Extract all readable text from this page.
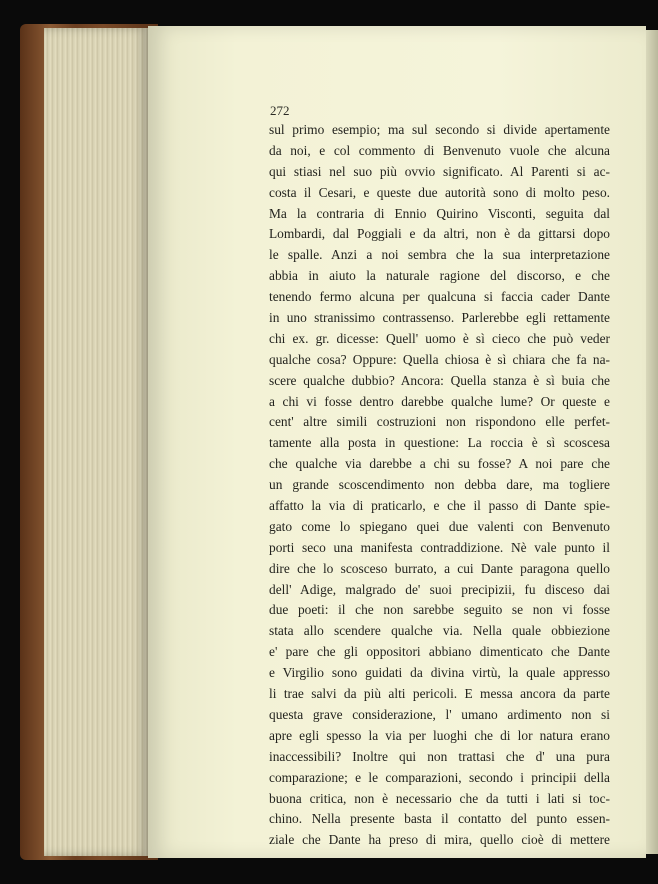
272
sul primo esempio; ma sul secondo si divide apertamente
da noi, e col commento di Benvenuto vuole che alcuna
qui stiasi nel suo più ovvio significato. Al Parenti si ac-
costa il Cesari, e queste due autorità sono di molto peso.
Ma la contraria di Ennio Quirino Visconti, seguita dal
Lombardi, dal Poggiali e da altri, non è da gittarsi dopo
le spalle. Anzi a noi sembra che la sua interpretazione
abbia in aiuto la naturale ragione del discorso, e che
tenendo fermo alcuna per qualcuna si faccia cader Dante
in uno stranissimo contrassenso. Parlerebbe egli rettamente
chi ex. gr. dicesse: Quell' uomo è sì cieco che può veder
qualche cosa? Oppure: Quella chiosa è sì chiara che fa na-
scere qualche dubbio? Ancora: Quella stanza è sì buia che
a chi vi fosse dentro darebbe qualche lume? Or queste e
cent' altre simili costruzioni non rispondono elle perfet-
tamente alla posta in questione: La roccia è sì scoscesa
che qualche via darebbe a chi su fosse? A noi pare che
un grande scoscendimento non debba dare, ma togliere
affatto la via di praticarlo, e che il passo di Dante spie-
gato come lo spiegano quei due valenti con Benvenuto
porti seco una manifesta contraddizione. Nè vale punto il
dire che lo scosceso burrato, a cui Dante paragona quello
dell' Adige, malgrado de' suoi precipizii, fu disceso dai
due poeti: il che non sarebbe seguito se non vi fosse
stata allo scendere qualche via. Nella quale obbiezione
e' pare che gli oppositori abbiano dimenticato che Dante
e Virgilio sono guidati da divina virtù, la quale appresso
li trae salvi da più alti pericoli. E messa ancora da parte
questa grave considerazione, l' umano ardimento non si
apre egli spesso la via per luoghi che di lor natura erano
inaccessibili? Inoltre qui non trattasi che d' una pura
comparazione; e le comparazioni, secondo i principii della
buona critica, non è necessario che da tutti i lati si toc-
chino. Nella presente basta il contatto del punto essen-
ziale che Dante ha preso di mira, quello cioè di mettere
